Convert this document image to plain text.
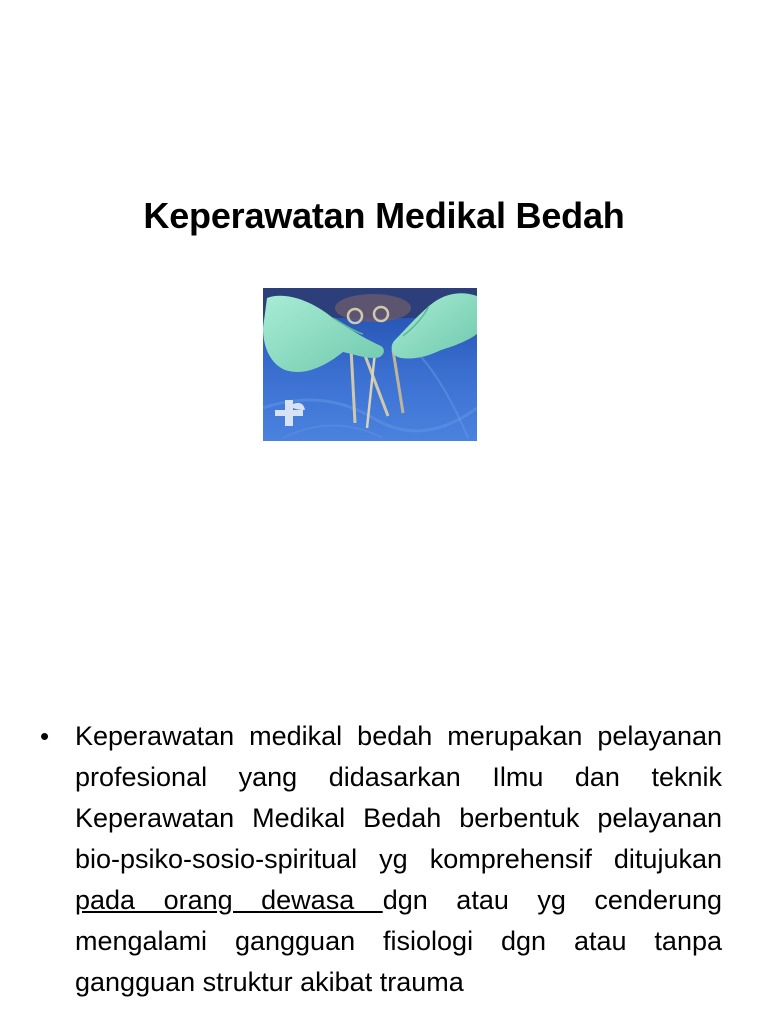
Keperawatan Medikal Bedah
• Keperawatan medikal bedah merupakan pelayanan profesional yang didasarkan Ilmu dan teknik Keperawatan Medikal Bedah berbentuk pelayanan bio-psiko-sosio-spiritual yg komprehensif ditujukan pada orang dewasa dgn atau yg cenderung mengalami gangguan fisiologi dgn atau tanpa gangguan struktur akibat trauma
